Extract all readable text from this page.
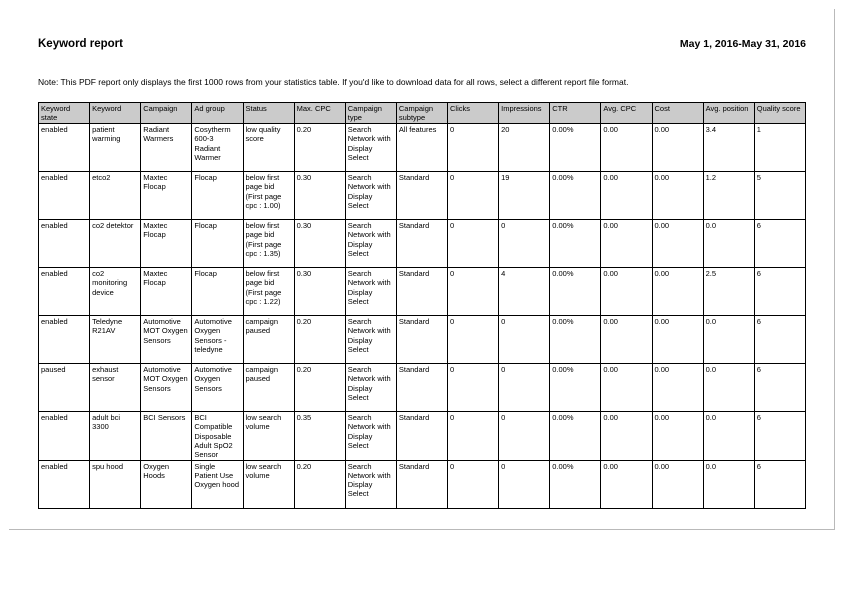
Keyword report	May 1, 2016-May 31, 2016
Note: This PDF report only displays the first 1000 rows from your statistics table. If you'd like to download data for all rows, select a different report file format.
Keyword state	Keyword	Campaign	Ad group	Status	Max. CPC	Campaign type	Campaign subtype	Clicks	Impressions	CTR	Avg. CPC	Cost	Avg. position	Quality score
enabled	patient warming	Radiant Warmers	Cosytherm 600-3 Radiant Warmer	low quality score	0.20	Search Network with Display Select	All features	0	20	0.00%	0.00	0.00	3.4	1
enabled	etco2	Maxtec Flocap	Flocap	below first page bid (First page cpc : 1.00)	0.30	Search Network with Display Select	Standard	0	19	0.00%	0.00	0.00	1.2	5
enabled	co2 detektor	Maxtec Flocap	Flocap	below first page bid (First page cpc : 1.35)	0.30	Search Network with Display Select	Standard	0	0	0.00%	0.00	0.00	0.0	6
enabled	co2 monitoring device	Maxtec Flocap	Flocap	below first page bid (First page cpc : 1.22)	0.30	Search Network with Display Select	Standard	0	4	0.00%	0.00	0.00	2.5	6
enabled	Teledyne R21AV	Automotive MOT Oxygen Sensors	Automotive Oxygen Sensors - teledyne	campaign paused	0.20	Search Network with Display Select	Standard	0	0	0.00%	0.00	0.00	0.0	6
paused	exhaust sensor	Automotive MOT Oxygen Sensors	Automotive Oxygen Sensors	campaign paused	0.20	Search Network with Display Select	Standard	0	0	0.00%	0.00	0.00	0.0	6
enabled	adult bci 3300	BCI Sensors	BCI Compatible Disposable Adult SpO2 Sensor	low search volume	0.35	Search Network with Display Select	Standard	0	0	0.00%	0.00	0.00	0.0	6
enabled	spu hood	Oxygen Hoods	Single Patient Use Oxygen hood	low search volume	0.20	Search Network with Display Select	Standard	0	0	0.00%	0.00	0.00	0.0	6
